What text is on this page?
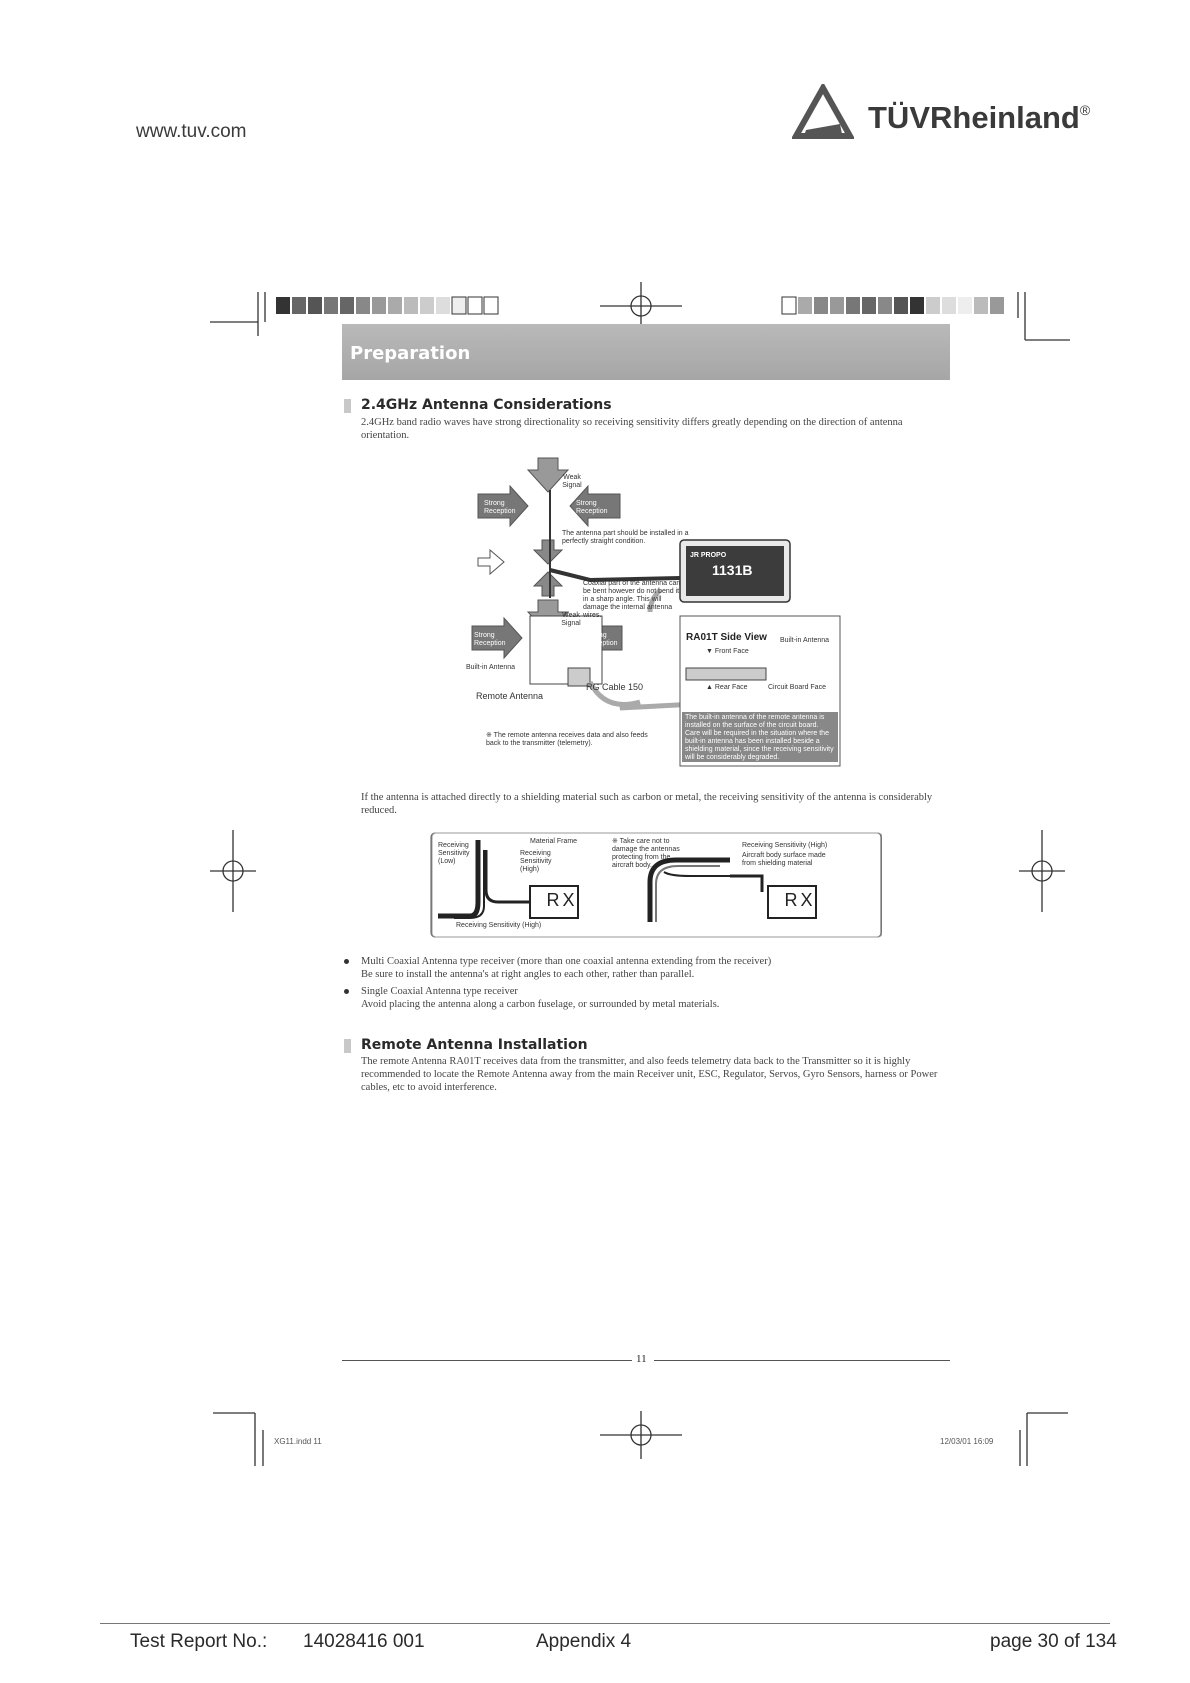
www.tuv.com	TÜVRheinland®
Preparation
2.4GHz Antenna Considerations
2.4GHz band radio waves have strong directionality so receiving sensitivity differs greatly depending on the direction of antenna orientation.
Weak Signal
Strong Reception
Strong Reception
The antenna part should be installed in a perfectly straight condition.
JR PROPO
1131B
Coaxial part of the antenna can be bent however do not bend it in a sharp angle. This will damage the internal antenna wires.
Weak Signal
Strong Reception
Strong Reception
Built-in Antenna
Remote Antenna
RG Cable 150
※ The remote antenna receives data and also feeds back to the transmitter (telemetry).
RA01T Side View Built-in Antenna
▼ Front Face
▲ Rear Face	Circuit Board Face
The built-in antenna of the remote antenna is installed on the surface of the circuit board. Care will be required in the situation where the built-in antenna has been installed beside a shielding material, since the receiving sensitivity will be considerably degraded.
If the antenna is attached directly to a shielding material such as carbon or metal, the receiving sensitivity of the antenna is considerably reduced.
Receiving Sensitivity (Low)
Material Frame
Receiving Sensitivity (High)
※ Take care not to damage the antennas protecting from the aircraft body.
Receiving Sensitivity (High)
Aircraft body surface made from shielding material
RX	RX
Receiving Sensitivity (High)
Multi Coaxial Antenna type receiver (more than one coaxial antenna extending from the receiver)
Be sure to install the antenna's at right angles to each other, rather than parallel.
Single Coaxial Antenna type receiver
Avoid placing the antenna along a carbon fuselage, or surrounded by metal materials.
Remote Antenna Installation
The remote Antenna RA01T receives data from the transmitter, and also feeds telemetry data back to the Transmitter so it is highly recommended to locate the Remote Antenna away from the main Receiver unit, ESC, Regulator, Servos, Gyro Sensors, harness or Power cables, etc to avoid interference.
11
XG11.indd 11	12/03/01 16:09
Test Report No.: 14028416 001	Appendix 4	page 30 of 134
